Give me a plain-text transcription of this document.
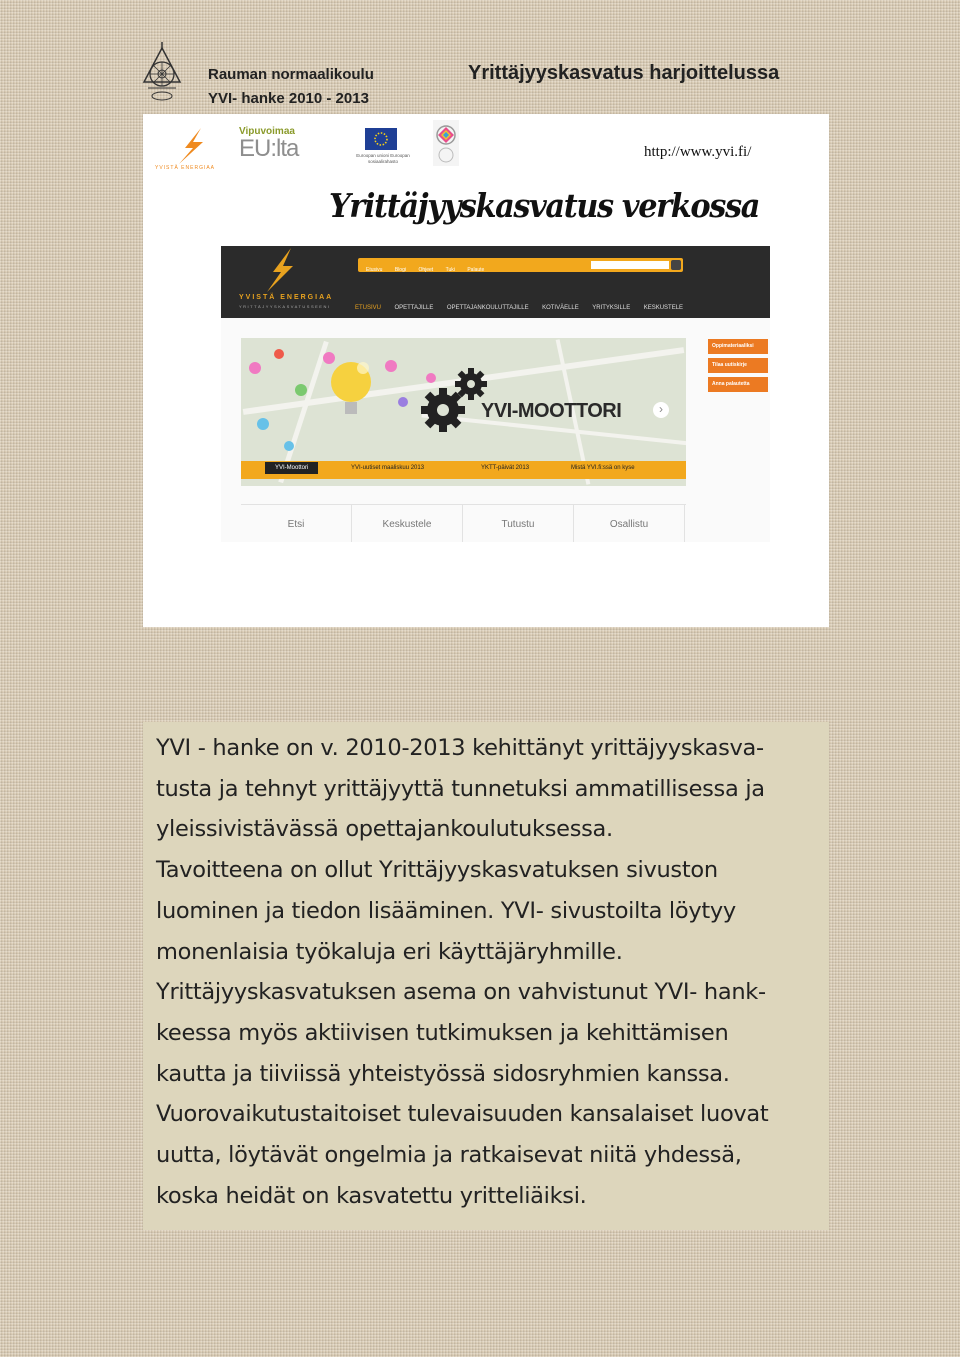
Rauman normaalikoulu
YVI- hanke 2010 - 2013
Yrittäjyyskasvatus harjoittelussa
YVISTÄ ENERGIAA
Vipuvoimaa
EU:lta	Euroopan unioni Euroopan sosiaalirahasto
http://www.yvi.fi/
Yrittäjyyskasvatus verkossa
YVISTÄ ENERGIAA
YRITTÄJYYSKASVATUSSEENI
Etusivu Blogi Ohjeet Tuki Palaute
ETUSIVU OPETTAJILLE OPETTAJANKOULUTTAJILLE KOTIVÄELLE YRITYKSILLE KESKUSTELE
YVI-MOOTTORI	›
YVI-Moottori	YVI-uutiset maaliskuu 2013	YKTT-päivät 2013	Mistä YVI.fi:ssä on kyse
Oppimateriaaliksi
Tilaa uutiskirje
Anna palautetta
Etsi	Keskustele	Tutustu	Osallistu
YVI - hanke on v. 2010-2013 kehittänyt yrittäjyyskasva-
tusta ja tehnyt yrittäjyyttä tunnetuksi ammatillisessa ja
yleissivistävässä opettajankoulutuksessa.
Tavoitteena on ollut Yrittäjyyskasvatuksen sivuston
luominen ja tiedon lisääminen. YVI- sivustoilta löytyy
monenlaisia työkaluja eri käyttäjäryhmille.
Yrittäjyyskasvatuksen asema on vahvistunut YVI- hank-
keessa myös aktiivisen tutkimuksen ja kehittämisen
kautta ja tiiviissä yhteistyössä sidosryhmien kanssa.
Vuorovaikutustaitoiset tulevaisuuden kansalaiset luovat
uutta, löytävät ongelmia ja ratkaisevat niitä yhdessä,
koska heidät on kasvatettu yritteliäiksi.
